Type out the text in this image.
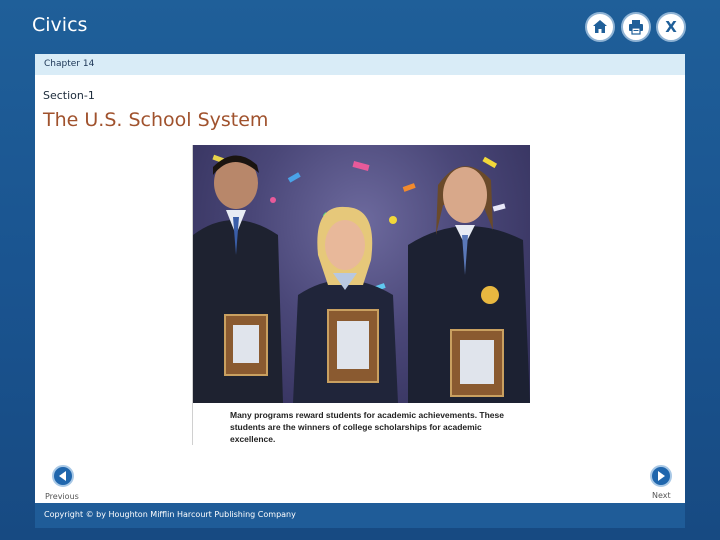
Civics	X
Chapter 14
Section-1
The U.S. School System
Many programs reward students for academic achievements. These students are the winners of college scholarships for academic excellence.
Previous	Next
Copyright © by Houghton Mifflin Harcourt Publishing Company
